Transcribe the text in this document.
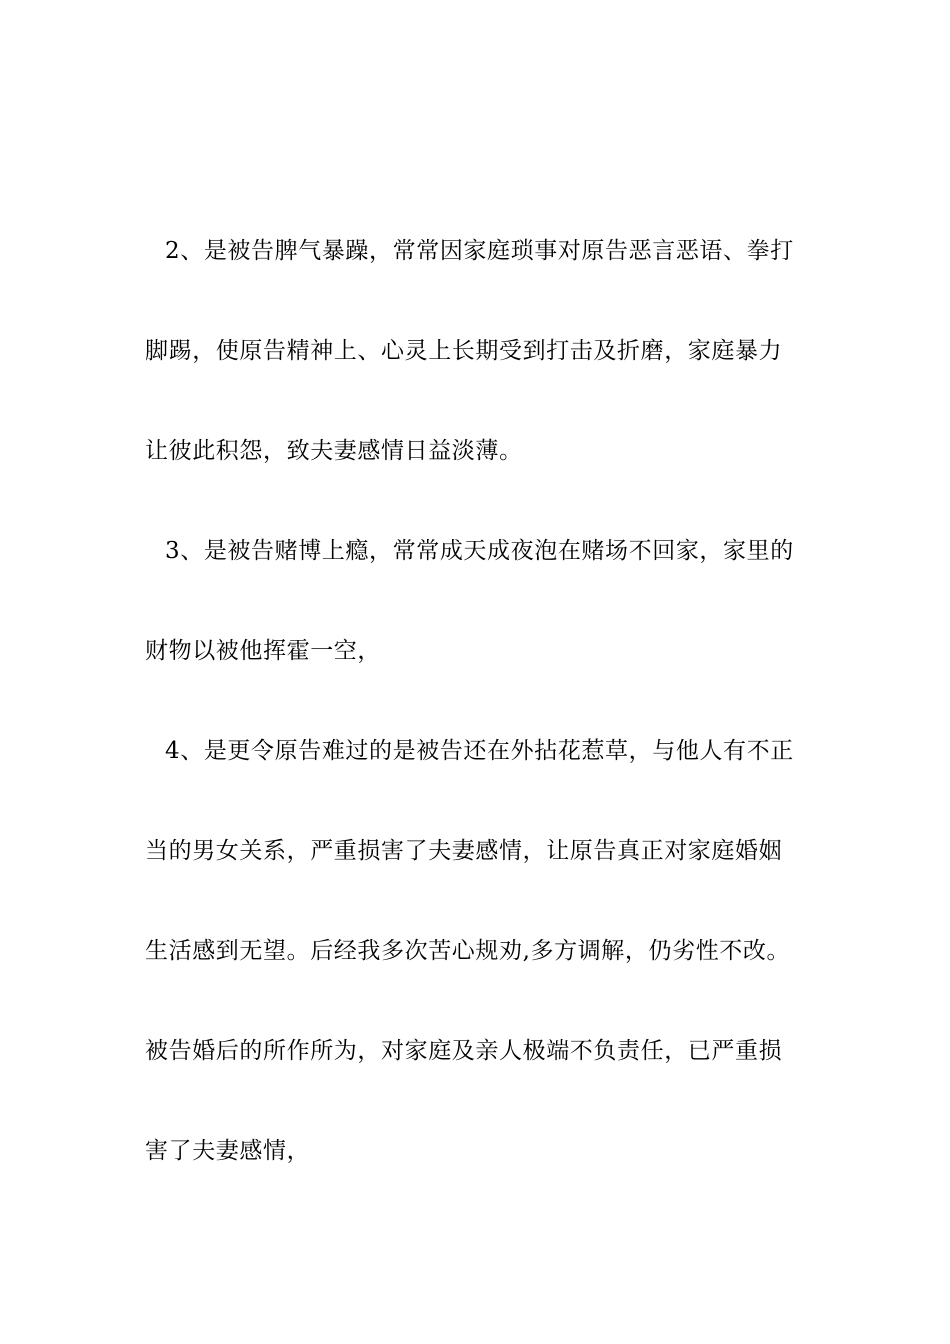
2、是被告脾气暴躁，常常因家庭琐事对原告恶言恶语、拳打
脚踢，使原告精神上、心灵上长期受到打击及折磨，家庭暴力
让彼此积怨，致夫妻感情日益淡薄。
3、是被告赌博上瘾，常常成天成夜泡在赌场不回家，家里的
财物以被他挥霍一空，
4、是更令原告难过的是被告还在外拈花惹草，与他人有不正
当的男女关系，严重损害了夫妻感情，让原告真正对家庭婚姻
生活感到无望。后经我多次苦心规劝,多方调解，仍劣性不改。
被告婚后的所作所为，对家庭及亲人极端不负责任，已严重损
害了夫妻感情，
